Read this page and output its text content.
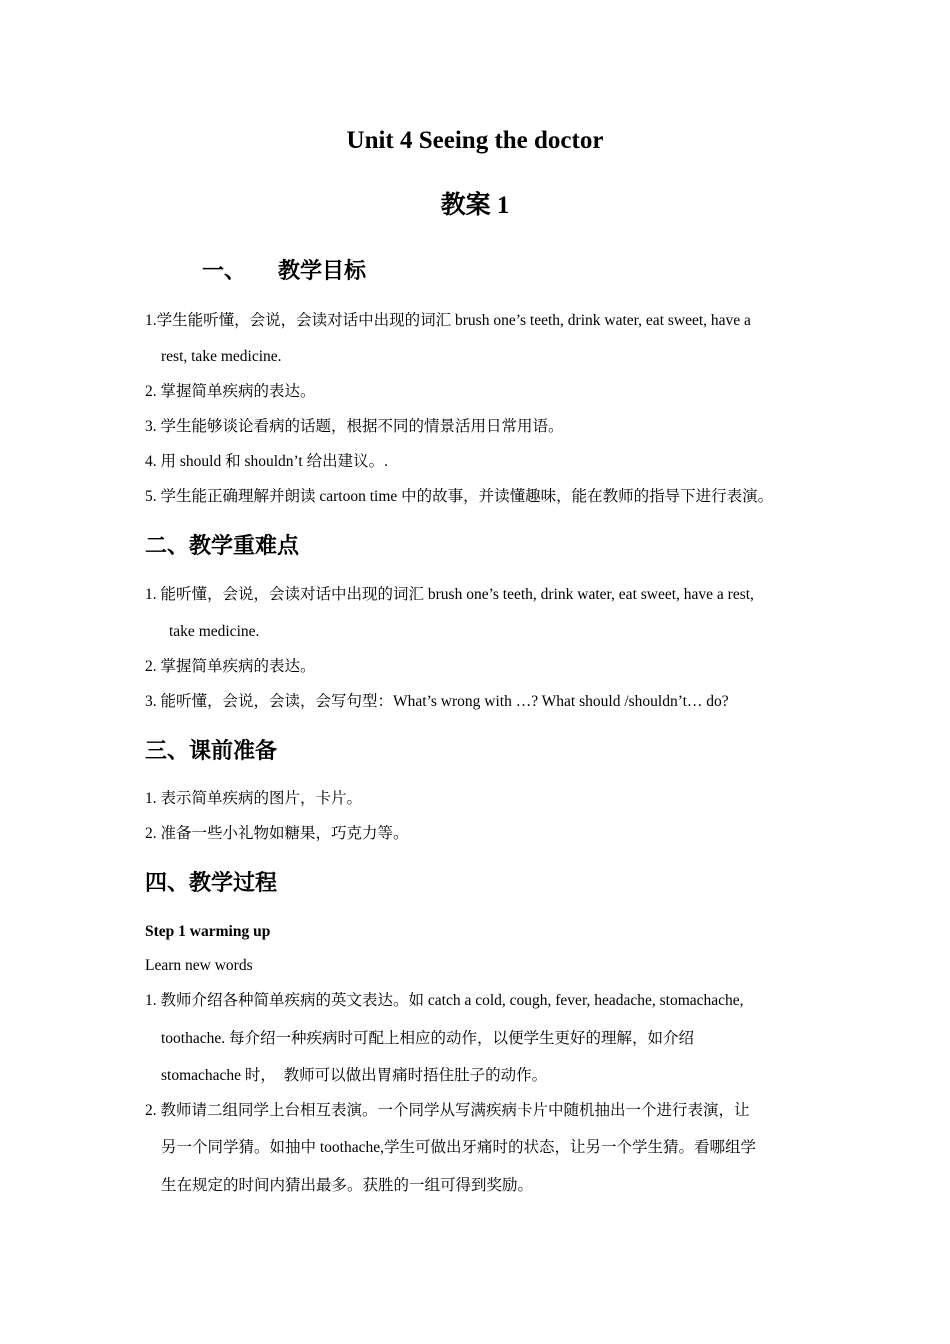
Unit 4 Seeing the doctor
教案 1
一、 教学目标
1.学生能听懂，会说，会读对话中出现的词汇 brush one’s teeth, drink water, eat sweet, have a
rest, take medicine.
2. 掌握简单疾病的表达。
3. 学生能够谈论看病的话题，根据不同的情景活用日常用语。
4. 用 should 和 shouldn’t 给出建议。.
5. 学生能正确理解并朗读 cartoon time 中的故事，并读懂趣味，能在教师的指导下进行表演。
二、教学重难点
1. 能听懂，会说，会读对话中出现的词汇 brush one’s teeth, drink water, eat sweet, have a rest,
take medicine.
2. 掌握简单疾病的表达。
3. 能听懂，会说，会读，会写句型：What’s wrong with …? What should /shouldn’t… do?
三、课前准备
1. 表示简单疾病的图片，卡片。
2. 准备一些小礼物如糖果，巧克力等。
四、教学过程
Step 1 warming up
Learn new words
1. 教师介绍各种简单疾病的英文表达。如 catch a cold, cough, fever, headache, stomachache,
toothache. 每介绍一种疾病时可配上相应的动作，以便学生更好的理解，如介绍
stomachache 时，　教师可以做出胃痛时捂住肚子的动作。
2. 教师请二组同学上台相互表演。一个同学从写满疾病卡片中随机抽出一个进行表演，让
另一个同学猜。如抽中 toothache,学生可做出牙痛时的状态，让另一个学生猜。看哪组学
生在规定的时间内猜出最多。获胜的一组可得到奖励。
